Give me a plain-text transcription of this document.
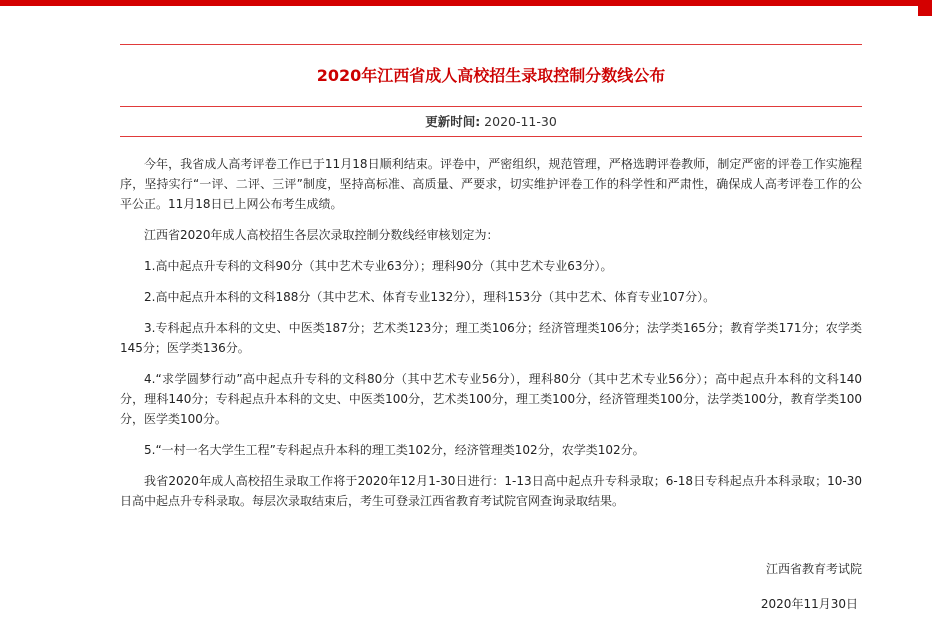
2020年江西省成人高校招生录取控制分数线公布
更新时间: 2020-11-30

今年，我省成人高考评卷工作已于11月18日顺利结束。评卷中，严密组织，规范管理，严格选聘评卷教师，制定严密的评卷工作实施程序，坚持实行“一评、二评、三评”制度，坚持高标准、高质量、严要求，切实维护评卷工作的科学性和严肃性，确保成人高考评卷工作的公平公正。11月18日已上网公布考生成绩。

江西省2020年成人高校招生各层次录取控制分数线经审核划定为：

1.高中起点升专科的文科90分（其中艺术专业63分）；理科90分（其中艺术专业63分）。

2.高中起点升本科的文科188分（其中艺术、体育专业132分），理科153分（其中艺术、体育专业107分）。

3.专科起点升本科的文史、中医类187分；艺术类123分；理工类106分；经济管理类106分；法学类165分；教育学类171分；农学类145分；医学类136分。

4.“求学圆梦行动”高中起点升专科的文科80分（其中艺术专业56分），理科80分（其中艺术专业56分）；高中起点升本科的文科140分，理科140分；专科起点升本科的文史、中医类100分，艺术类100分，理工类100分，经济管理类100分，法学类100分，教育学类100分，医学类100分。

5.“一村一名大学生工程”专科起点升本科的理工类102分，经济管理类102分，农学类102分。

我省2020年成人高校招生录取工作将于2020年12月1-30日进行：1-13日高中起点升专科录取；6-18日专科起点升本科录取；10-30日高中起点升专科录取。每层次录取结束后，考生可登录江西省教育考试院官网查询录取结果。

江西省教育考试院
2020年11月30日
